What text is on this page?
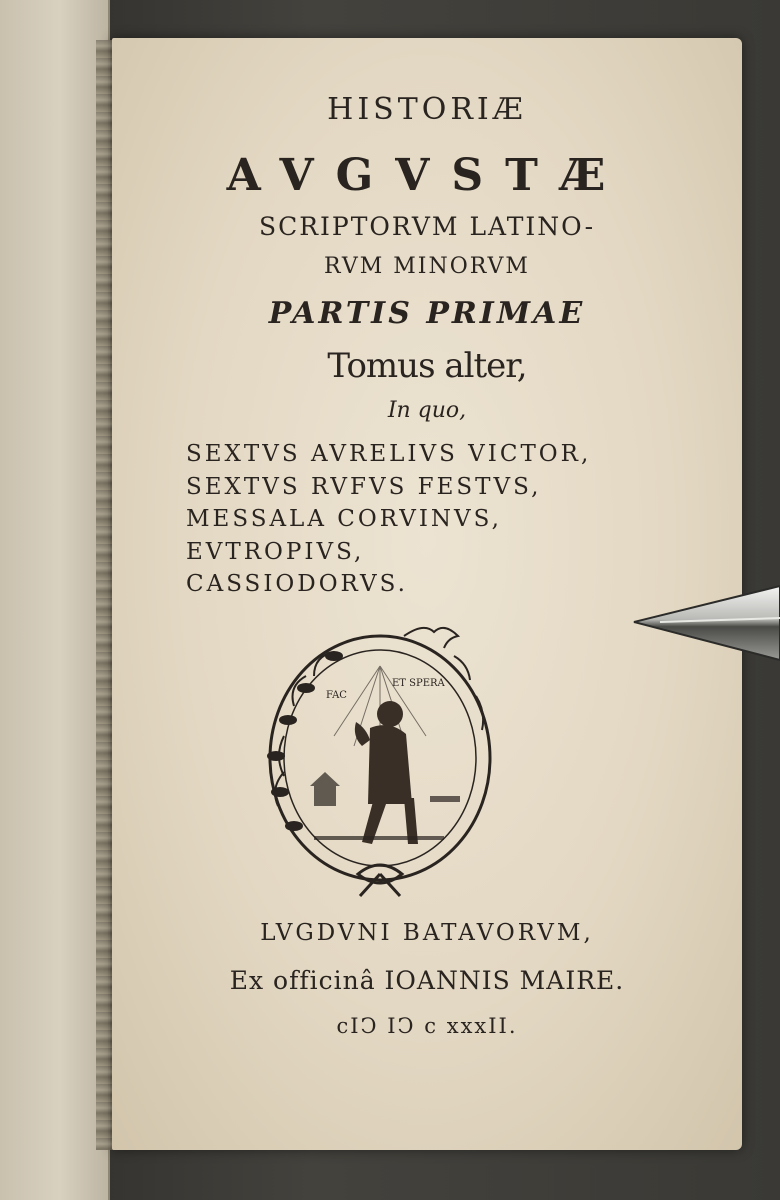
HISTORIÆ
AVGVSTÆ
SCRIPTORVM LATINO-
RVM MINORVM
PARTIS PRIMAE
Tomus alter,
In quo,
SEXTVS AVRELIVS VICTOR,
SEXTVS RVFVS FESTVS,
MESSALA CORVINVS,
EVTROPIVS,
CASSIODORVS.
FAC
ET SPERA
LVGDVNI BATAVORVM,
Ex officinâ IOANNIS MAIRE.
cIↃ IↃ c xxxII.
